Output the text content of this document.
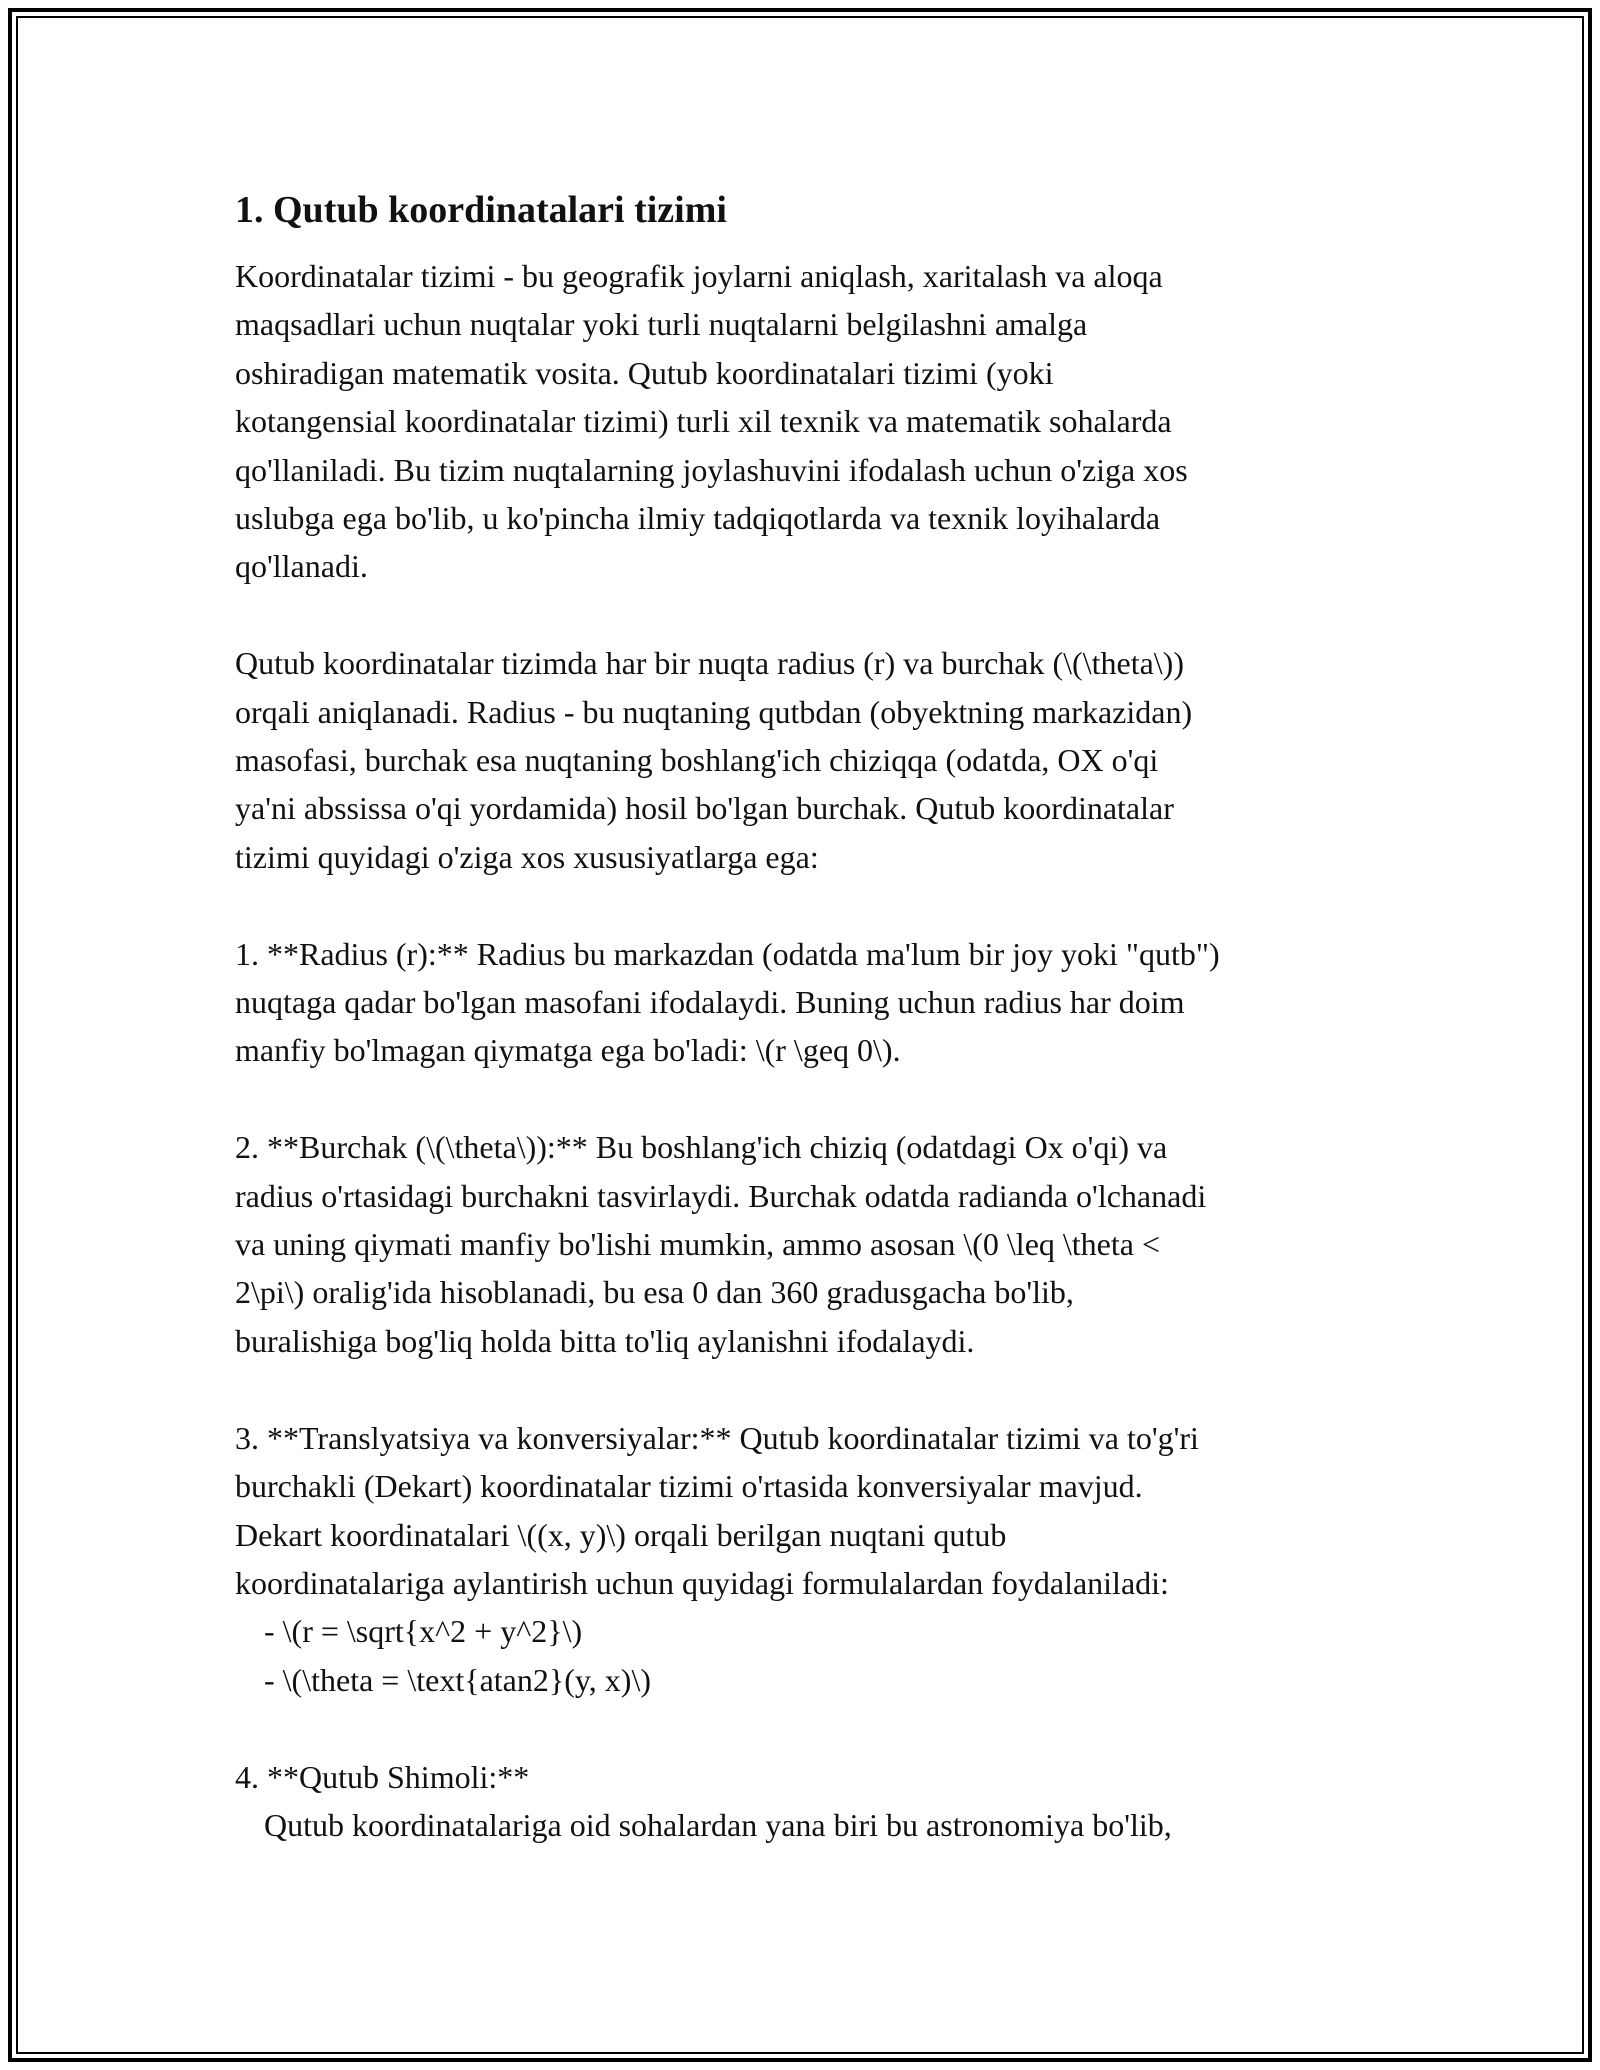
1. Qutub koordinatalari tizimi
Koordinatalar tizimi - bu geografik joylarni aniqlash, xaritalash va aloqa
maqsadlari uchun nuqtalar yoki turli nuqtalarni belgilashni amalga
oshiradigan matematik vosita. Qutub koordinatalari tizimi (yoki
kotangensial koordinatalar tizimi) turli xil texnik va matematik sohalarda
qo'llaniladi. Bu tizim nuqtalarning joylashuvini ifodalash uchun o'ziga xos
uslubga ega bo'lib, u ko'pincha ilmiy tadqiqotlarda va texnik loyihalarda
qo'llanadi.
Qutub koordinatalar tizimda har bir nuqta radius (r) va burchak (\(\theta\))
orqali aniqlanadi. Radius - bu nuqtaning qutbdan (obyektning markazidan)
masofasi, burchak esa nuqtaning boshlang'ich chiziqqa (odatda, OX o'qi
ya'ni abssissa o'qi yordamida) hosil bo'lgan burchak. Qutub koordinatalar
tizimi quyidagi o'ziga xos xususiyatlarga ega:
1. **Radius (r):** Radius bu markazdan (odatda ma'lum bir joy yoki "qutb")
nuqtaga qadar bo'lgan masofani ifodalaydi. Buning uchun radius har doim
manfiy bo'lmagan qiymatga ega bo'ladi: \(r \geq 0\).
2. **Burchak (\(\theta\)):** Bu boshlang'ich chiziq (odatdagi Ox o'qi) va
radius o'rtasidagi burchakni tasvirlaydi. Burchak odatda radianda o'lchanadi
va uning qiymati manfiy bo'lishi mumkin, ammo asosan \(0 \leq \theta <
2\pi\) oralig'ida hisoblanadi, bu esa 0 dan 360 gradusgacha bo'lib,
buralishiga bog'liq holda bitta to'liq aylanishni ifodalaydi.
3. **Translyatsiya va konversiyalar:** Qutub koordinatalar tizimi va to'g'ri
burchakli (Dekart) koordinatalar tizimi o'rtasida konversiyalar mavjud.
Dekart koordinatalari \((x, y)\) orqali berilgan nuqtani qutub
koordinatalariga aylantirish uchun quyidagi formulalardan foydalaniladi:
- \(r = \sqrt{x^2 + y^2}\)
- \(\theta = \text{atan2}(y, x)\)
4. **Qutub Shimoli:**
Qutub koordinatalariga oid sohalardan yana biri bu astronomiya bo'lib,
